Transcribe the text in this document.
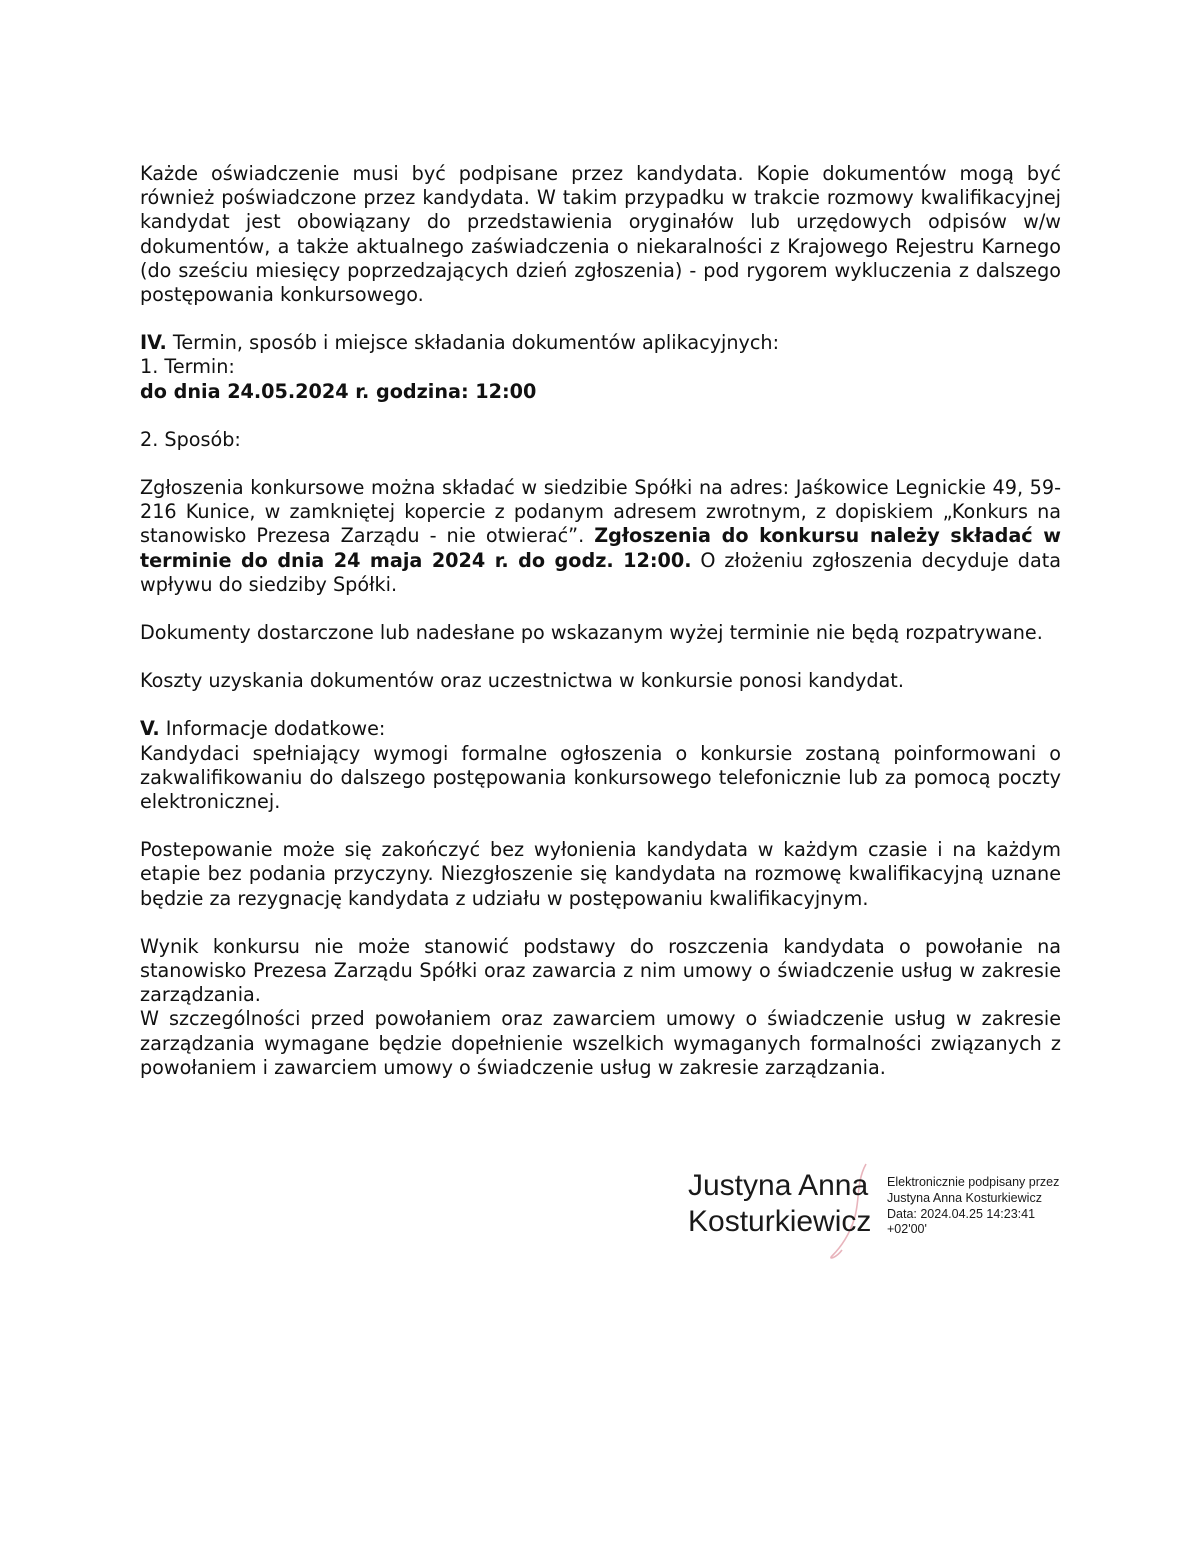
Każde oświadczenie musi być podpisane przez kandydata. Kopie dokumentów mogą być również poświadczone przez kandydata. W takim przypadku w trakcie rozmowy kwalifikacyjnej kandydat jest obowiązany do przedstawienia oryginałów lub urzędowych odpisów w/w dokumentów, a także aktualnego zaświadczenia o niekaralności z Krajowego Rejestru Karnego (do sześciu miesięcy poprzedzających dzień zgłoszenia) - pod rygorem wykluczenia z dalszego postępowania konkursowego.

IV. Termin, sposób i miejsce składania dokumentów aplikacyjnych:

1. Termin:

do dnia 24.05.2024 r. godzina: 12:00

2. Sposób:

Zgłoszenia konkursowe można składać w siedzibie Spółki na adres: Jaśkowice Legnickie 49, 59-216 Kunice, w zamkniętej kopercie z podanym adresem zwrotnym, z dopiskiem „Konkurs na stanowisko Prezesa Zarządu - nie otwierać”. Zgłoszenia do konkursu należy składać w terminie do dnia 24 maja 2024 r. do godz. 12:00. O złożeniu zgłoszenia decyduje data wpływu do siedziby Spółki.

Dokumenty dostarczone lub nadesłane po wskazanym wyżej terminie nie będą rozpatrywane.

Koszty uzyskania dokumentów oraz uczestnictwa w konkursie ponosi kandydat.

V. Informacje dodatkowe:

Kandydaci spełniający wymogi formalne ogłoszenia o konkursie zostaną poinformowani o zakwalifikowaniu do dalszego postępowania konkursowego telefonicznie lub za pomocą poczty elektronicznej.

Postepowanie może się zakończyć bez wyłonienia kandydata w każdym czasie i na każdym etapie bez podania przyczyny. Niezgłoszenie się kandydata na rozmowę kwalifikacyjną uznane będzie za rezygnację kandydata z udziału w postępowaniu kwalifikacyjnym.

Wynik konkursu nie może stanowić podstawy do roszczenia kandydata o powołanie na stanowisko Prezesa Zarządu Spółki oraz zawarcia z nim umowy o świadczenie usług w zakresie zarządzania.

W szczególności przed powołaniem oraz zawarciem umowy o świadczenie usług w zakresie zarządzania wymagane będzie dopełnienie wszelkich wymaganych formalności związanych z powołaniem i zawarciem umowy o świadczenie usług w zakresie zarządzania.

Justyna Anna
Kosturkiewicz
Elektronicznie podpisany przez
Justyna Anna Kosturkiewicz
Data: 2024.04.25 14:23:41
+02'00'
